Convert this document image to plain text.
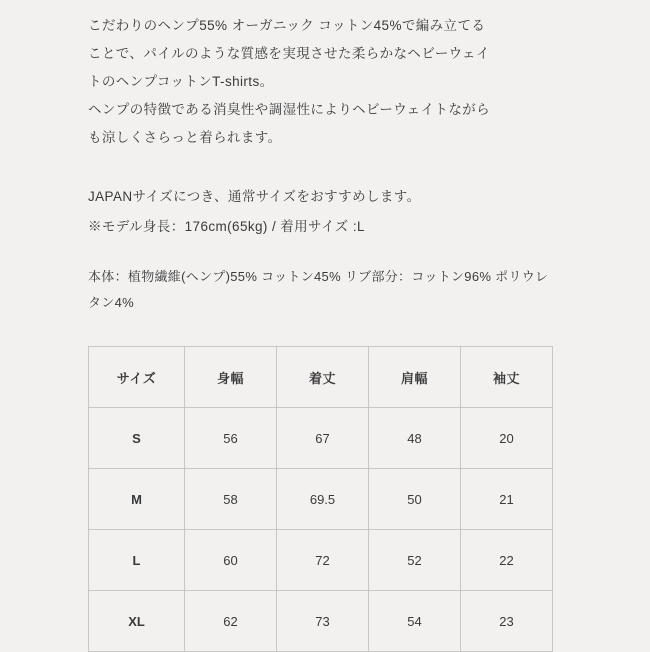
こだわりのヘンプ55% オーガニック コットン45%で編み立てる

ことで、パイルのような質感を実現させた柔らかなヘビーウェイ

トのヘンプコットンT-shirts。

ヘンプの特徴である消臭性や調湿性によりヘビーウェイトながら

も涼しくさらっと着られます。

JAPANサイズにつき、通常サイズをおすすめします。
※モデル身長：176cm(65kg) / 着用サイズ :L
本体：植物繊維(ヘンプ)55% コットン45% リブ部分：コットン96% ポリウレ
タン4%
サイズ	身幅	着丈	肩幅	袖丈
S	56	67	48	20
M	58	69.5	50	21
L	60	72	52	22
XL	62	73	54	23
